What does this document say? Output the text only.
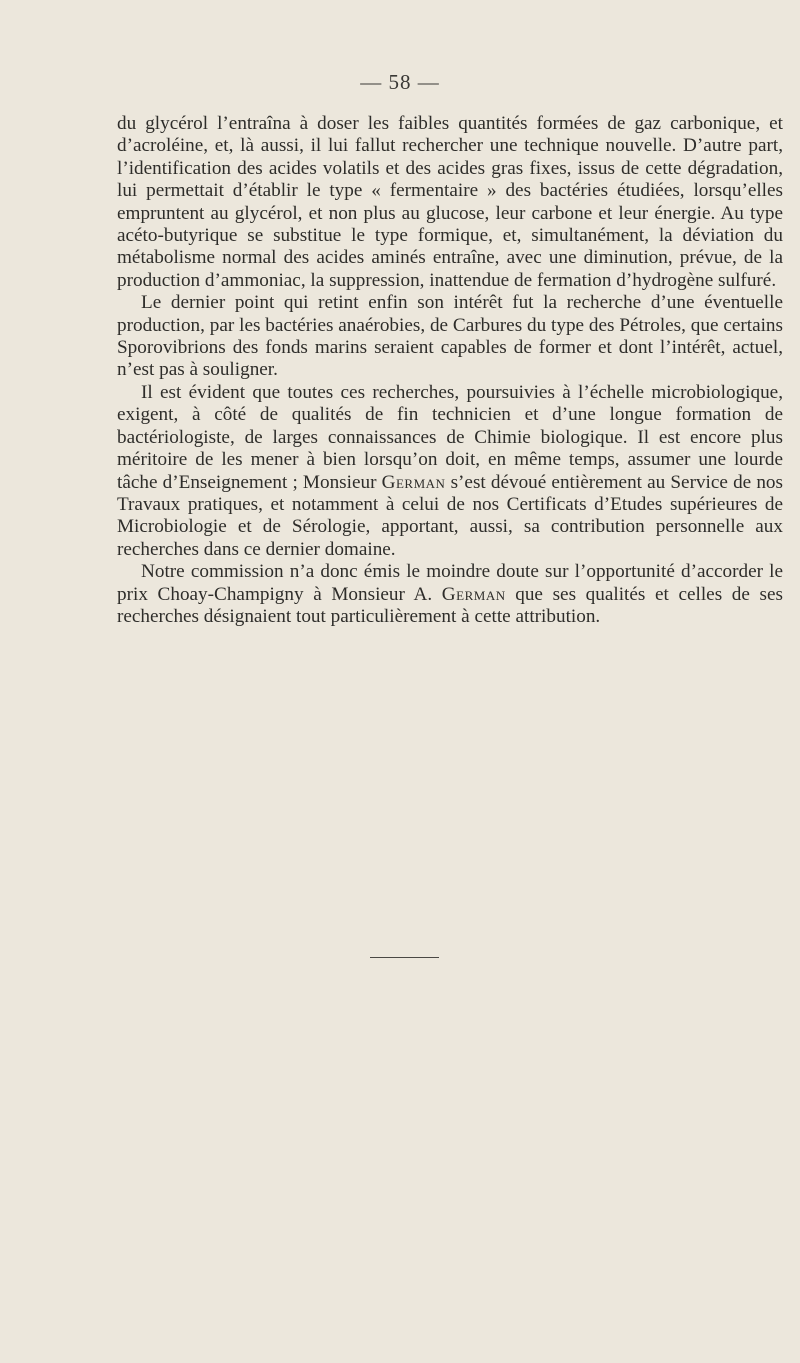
— 58 —

du glycérol l’entraîna à doser les faibles quantités formées de gaz carbonique, et d’acroléine, et, là aussi, il lui fallut rechercher une technique nouvelle. D’autre part, l’identification des acides volatils et des acides gras fixes, issus de cette dégradation, lui permettait d’établir le type « fermentaire » des bactéries étudiées, lorsqu’elles empruntent au glycérol, et non plus au glucose, leur carbone et leur énergie. Au type acéto-butyrique se substitue le type formique, et, simultanément, la déviation du métabolisme normal des acides aminés entraîne, avec une diminution, prévue, de la production d’ammoniac, la suppression, inattendue de fermation d’hydrogène sulfuré.

Le dernier point qui retint enfin son intérêt fut la recherche d’une éventuelle production, par les bactéries anaérobies, de Carbures du type des Pétroles, que certains Sporovibrions des fonds marins seraient capables de former et dont l’intérêt, actuel, n’est pas à souligner.

Il est évident que toutes ces recherches, poursuivies à l’échelle microbiologique, exigent, à côté de qualités de fin technicien et d’une longue formation de bactériologiste, de larges connaissances de Chimie biologique. Il est encore plus méritoire de les mener à bien lorsqu’on doit, en même temps, assumer une lourde tâche d’Enseignement ; Monsieur German s’est dévoué entièrement au Service de nos Travaux pratiques, et notamment à celui de nos Certificats d’Etudes supérieures de Microbiologie et de Sérologie, apportant, aussi, sa contribution personnelle aux recherches dans ce dernier domaine.

Notre commission n’a donc émis le moindre doute sur l’opportunité d’accorder le prix Choay-Champigny à Monsieur A. German que ses qualités et celles de ses recherches désignaient tout particulièrement à cette attribution.
